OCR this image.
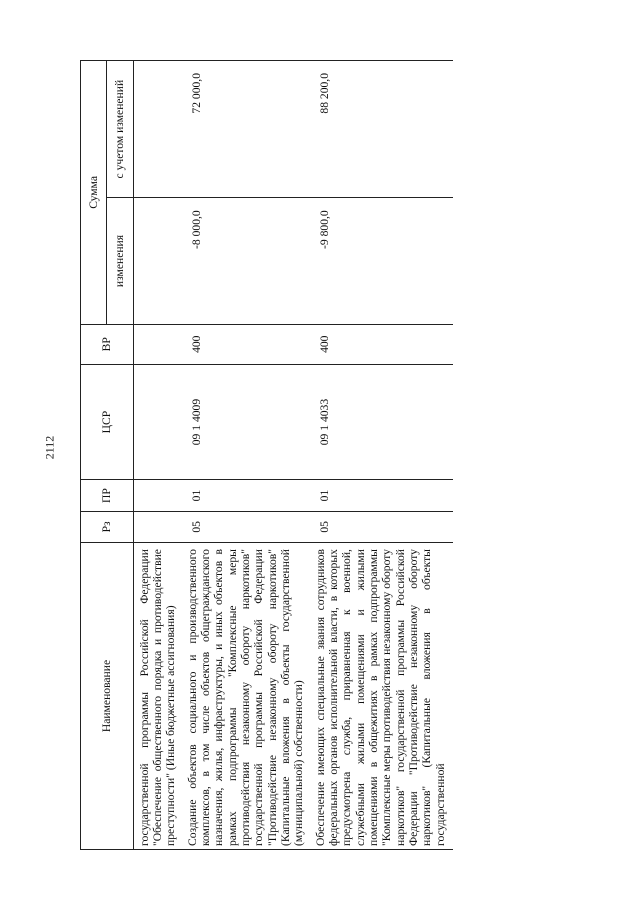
2112
Наименование	Рз	ПР	ЦСР	ВР	Сумма	
					изменения	с учетом изменений
государственной программы Российской Федерации "Обеспечение общественного порядка и противодействие преступности" (Иные бюджетные ассигнования)						
Создание объектов социального и производственного комплексов, в том числе объектов общегражданского назначения, жилья, инфраструктуры, и иных объектов в рамках подпрограммы "Комплексные меры противодействия незаконному обороту наркотиков" государственной программы Российской Федерации "Противодействие незаконному обороту наркотиков" (Капитальные вложения в объекты государственной (муниципальной) собственности)	05	01	09 1 4009	400	-8 000,0	72 000,0
Обеспечение имеющих специальные звания сотрудников федеральных органов исполнительной власти, в которых предусмотрена служба, приравненная к военной, служебными жилыми помещениями и жилыми помещениями в общежитиях в рамках подпрограммы "Комплексные меры противодействия незаконному обороту наркотиков" государственной программы Российской Федерации "Противодействие незаконному обороту наркотиков" (Капитальные вложения в объекты государственной	05	01	09 1 4033	400	-9 800,0	88 200,0
